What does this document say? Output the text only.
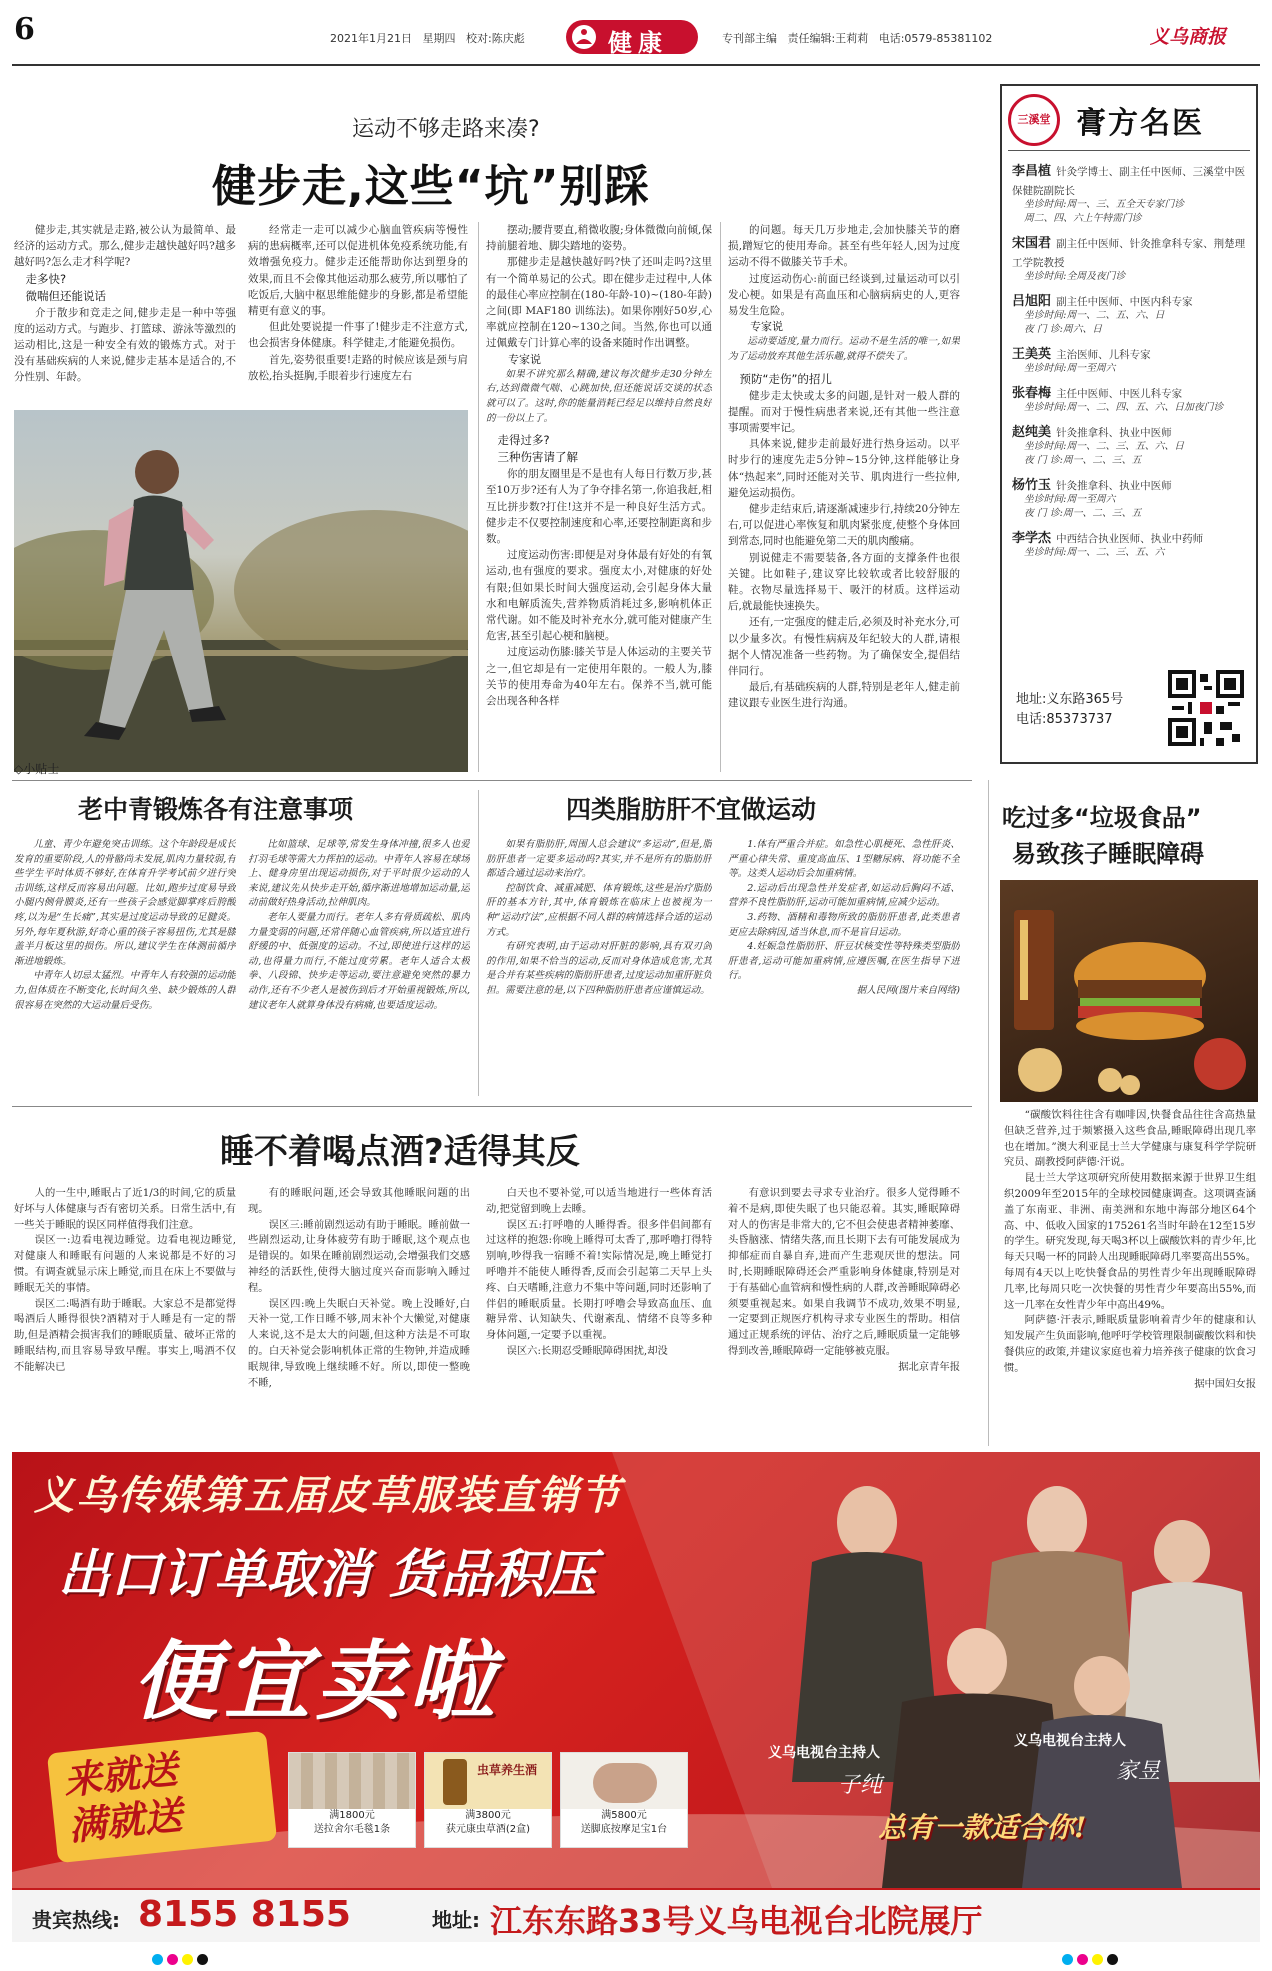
6	2021年1月21日 星期四 校对:陈庆彪	健康	专刊部主编 责任编辑:王莉莉 电话:0579-85381102	义乌商报
运动不够走路来凑?
健步走,这些“坑”别踩

健步走,其实就是走路,被公认为最简单、最经济的运动方式。那么,健步走越快越好吗?越多越好吗?怎么走才科学呢?

走多快?
微喘但还能说话

介于散步和竞走之间,健步走是一种中等强度的运动方式。与跑步、打篮球、游泳等激烈的运动相比,这是一种安全有效的锻炼方式。对于没有基础疾病的人来说,健步走基本是适合的,不分性别、年龄。

经常走一走可以减少心脑血管疾病等慢性病的患病概率,还可以促进机体免疫系统功能,有效增强免疫力。健步走还能帮助你达到塑身的效果,而且不会像其他运动那么疲劳,所以哪怕了吃饭后,大脑中枢思维能健步的身影,都是希望能精更有意义的事。

但此处要说提一件事了!健步走不注意方式,也会损害身体健康。科学健走,才能避免损伤。

首先,姿势很重要!走路的时候应该是颈与肩放松,抬头挺胸,手眼着步行速度左右

摆动;腰背要直,稍微收腹;身体微微向前倾,保持前腿着地、脚尖踏地的姿势。

那健步走是越快越好吗?快了还叫走吗?这里有一个简单易记的公式。即在健步走过程中,人体的最佳心率应控制在(180-年龄-10)~(180-年龄)之间(即 MAF180 训练法)。如果你刚好50岁,心率就应控制在120~130之间。当然,你也可以通过佩戴专门计算心率的设备来随时作出调整。

专家说

如果不讲究那么精确,建议每次健步走30分钟左右,达到微微气喘、心跳加快,但还能说话交谈的状态就可以了。这时,你的能量消耗已经足以维持自然良好的一份以上了。

走得过多?
三种伤害请了解

你的朋友圈里是不是也有人每日行数万步,甚至10万步?还有人为了争夺排名第一,你追我赶,相互比拼步数?打住!这并不是一种良好生活方式。健步走不仅要控制速度和心率,还要控制距离和步数。

过度运动伤害:即便是对身体最有好处的有氧运动,也有强度的要求。强度太小,对健康的好处有限;但如果长时间大强度运动,会引起身体大量水和电解质流失,营养物质消耗过多,影响机体正常代谢。如不能及时补充水分,就可能对健康产生危害,甚至引起心梗和脑梗。

过度运动伤膝:膝关节是人体运动的主要关节之一,但它却是有一定使用年限的。一般人为,膝关节的使用寿命为40年左右。保养不当,就可能会出现各种各样

的问题。每天几万步地走,会加快膝关节的磨损,蹭短它的使用寿命。甚至有些年轻人,因为过度运动不得不做膝关节手术。

过度运动伤心:前面已经谈到,过量运动可以引发心梗。如果是有高血压和心脑病病史的人,更容易发生危险。

专家说

运动要适度,量力而行。运动不是生活的唯一,如果为了运动放弃其他生活乐趣,就得不偿失了。

预防“走伤”的招儿

健步走太快或太多的问题,是针对一般人群的提醒。而对于慢性病患者来说,还有其他一些注意事项需要牢记。

具体来说,健步走前最好进行热身运动。以平时步行的速度先走5分钟~15分钟,这样能够让身体“热起来”,同时还能对关节、肌肉进行一些拉伸,避免运动损伤。

健步走结束后,请逐渐减速步行,持续20分钟左右,可以促进心率恢复和肌肉紧张度,使整个身体回到常态,同时也能避免第二天的肌肉酸痛。

别说健走不需要装备,各方面的支撑条件也很关键。比如鞋子,建议穿比较软或者比较舒服的鞋。衣物尽量选择易干、吸汗的材质。这样运动后,就最能快速换失。

还有,一定强度的健走后,必须及时补充水分,可以少量多次。有慢性病病及年纪较大的人群,请根据个人情况准备一些药物。为了确保安全,提倡结伴同行。

最后,有基础疾病的人群,特别是老年人,健走前建议跟专业医生进行沟通。

三溪堂 膏方名医
李昌植 针灸学博士、副主任中医师、三溪堂中医保健院副院长
坐诊时间:周一、三、五全天专家门诊
周二、四、六上午特需门诊
宋国君 副主任中医师、针灸推拿科专家、荆楚理工学院教授
坐诊时间:全周及夜门诊
吕旭阳 副主任中医师、中医内科专家
坐诊时间:周一、二、五、六、日
夜 门 诊:周六、日
王美英 主治医师、儿科专家
坐诊时间:周一至周六
张春梅 主任中医师、中医儿科专家
坐诊时间:周一、二、四、五、六、日加夜门诊
赵纯美 针灸推拿科、执业中医师
坐诊时间:周一、二、三、五、六、日
夜 门 诊:周一、二、三、五
杨竹玉 针灸推拿科、执业中医师
坐诊时间:周一至周六
夜 门 诊:周一、二、三、五
李学杰 中西结合执业医师、执业中药师
坐诊时间:周一、二、三、五、六
地址:义东路365号
电话:85373737
吃过多“垃圾食品”
易致孩子睡眠障碍

“碳酸饮料往往含有咖啡因,快餐食品往往含高热量但缺乏营养,过于频繁摄入这些食品,睡眠障碍出现几率也在增加。”澳大利亚昆士兰大学健康与康复科学学院研究员、副教授阿萨德·汗说。

昆士兰大学这项研究所使用数据来源于世界卫生组织2009年至2015年的全球校园健康调查。这项调查涵盖了东南亚、非洲、南美洲和东地中海部分地区64个高、中、低收入国家的175261名当时年龄在12至15岁的学生。研究发现,每天喝3杯以上碳酸饮料的青少年,比每天只喝一杯的同龄人出现睡眠障碍几率要高出55%。每周有4天以上吃快餐食品的男性青少年出现睡眠障碍几率,比每周只吃一次快餐的男性青少年要高出55%,而这一几率在女性青少年中高出49%。

阿萨德·汗表示,睡眠质量影响着青少年的健康和认知发展产生负面影响,他呼吁学校管理限制碳酸饮料和快餐供应的政策,并建议家庭也着力培养孩子健康的饮食习惯。

据中国妇女报
◇小贴士
老中青锻炼各有注意事项

儿童、青少年避免突击训练。这个年龄段是成长发育的重要阶段,人的骨骼尚未发展,肌肉力量较弱,有些学生平时体质不够好,在体育升学考试前夕进行突击训练,这样反而容易出问题。比如,跑步过度易导致小腿内侧骨膜炎,还有一些孩子会感觉脚掌疼后胯酸疼,以为是“生长痛”,其实是过度运动导致的足腱炎。另外,每年夏秋游,好奇心重的孩子容易扭伤,尤其是膝盖半月板这里的损伤。所以,建议学生在体测前循序渐进地锻炼。

中青年人切忌太猛烈。中青年人有较强的运动能力,但体质在不断变化,长时间久坐、缺少锻炼的人群很容易在突然的大运动量后受伤。

比如篮球、足球等,常发生身体冲撞,很多人也爱打羽毛球等需大力挥拍的运动。中青年人容易在球场上、健身房里出现运动损伤,对于平时很少运动的人来说,建议先从快步走开始,循序渐进地增加运动量,运动前做好热身活动,拉伸肌肉。

老年人要量力而行。老年人多有骨质疏松、肌肉力量变弱的问题,还常伴随心血管疾病,所以适宜进行舒缓的中、低强度的运动。不过,即使进行这样的运动,也得量力而行,不能过度劳累。老年人适合太极拳、八段锦、快步走等运动,要注意避免突然的暴力动作,还有不少老人是被伤到后才开始重视锻炼,所以,建议老年人就算身体没有病痛,也要适度运动。

四类脂肪肝不宜做运动

如果有脂肪肝,周围人总会建议“多运动”,但是,脂肪肝患者一定要多运动吗?其实,并不是所有的脂肪肝都适合通过运动来治疗。

控制饮食、减重减肥、体育锻炼,这些是治疗脂肪肝的基本方针,其中,体育锻炼在临床上也被视为一种“运动疗法”,应根据不同人群的病情选择合适的运动方式。

有研究表明,由于运动对肝脏的影响,具有双刃剑的作用,如果不恰当的运动,反而对身体造成危害,尤其是合并有某些疾病的脂肪肝患者,过度运动加重肝脏负担。需要注意的是,以下四种脂肪肝患者应谨慎运动。

1.体有严重合并症。如急性心肌梗死、急性肝炎、严重心律失常、重度高血压、1型糖尿病、肾功能不全等。这类人运动后会加重病情。

2.运动后出现急性并发症者,如运动后胸闷不适、营养不良性脂肪肝,运动可能加重病情,应减少运动。

3.药物、酒精和毒物所致的脂肪肝患者,此类患者更应去除病因,适当休息,而不是盲目运动。

4.妊娠急性脂肪肝、肝豆状核变性等特殊类型脂肪肝患者,运动可能加重病情,应遵医嘱,在医生指导下进行。

据人民网(图片来自网络)
睡不着喝点酒?适得其反

人的一生中,睡眠占了近1/3的时间,它的质量好坏与人体健康与否有密切关系。日常生活中,有一些关于睡眠的误区同样值得我们注意。

误区一:边看电视边睡觉。边看电视边睡觉,对健康人和睡眠有问题的人来说都是不好的习惯。有调查就显示床上睡觉,而且在床上不要做与睡眠无关的事情。

误区二:喝酒有助于睡眠。大家总不是都觉得喝酒后人睡得很快?酒精对于人睡是有一定的帮助,但是酒精会损害我们的睡眠质量、破坏正常的睡眠结构,而且容易导致早醒。事实上,喝酒不仅不能解决已

有的睡眠问题,还会导致其他睡眠问题的出现。

误区三:睡前剧烈运动有助于睡眠。睡前做一些剧烈运动,让身体疲劳有助于睡眠,这个观点也是错误的。如果在睡前剧烈运动,会增强我们交感神经的活跃性,使得大脑过度兴奋而影响入睡过程。

误区四:晚上失眠白天补觉。晚上没睡好,白天补一觉,工作日睡不够,周末补个大懒觉,对健康人来说,这不是太大的问题,但这种方法是不可取的。白天补觉会影响机体正常的生物钟,并造成睡眠规律,导致晚上继续睡不好。所以,即使一整晚不睡,

白天也不要补觉,可以适当地进行一些体育活动,把觉留到晚上去睡。

误区五:打呼噜的人睡得香。很多伴侣间都有过这样的抱怨:你晚上睡得可太香了,那呼噜打得特别响,吵得我一宿睡不着!实际情况是,晚上睡觉打呼噜并不能使人睡得香,反而会引起第二天早上头疼、白天嗜睡,注意力不集中等问题,同时还影响了伴侣的睡眠质量。长期打呼噜会导致高血压、血糖异常、认知缺失、代谢紊乱、情绪不良等多种身体问题,一定要予以重视。

误区六:长期忍受睡眠障碍困扰,却没

有意识到要去寻求专业治疗。很多人觉得睡不着不是病,即使失眠了也只能忍着。其实,睡眠障碍对人的伤害是非常大的,它不但会使患者精神萎靡、头昏脑涨、情绪失落,而且长期下去有可能发展成为抑郁症而自暴自弃,进而产生悲观厌世的想法。同时,长期睡眠障碍还会严重影响身体健康,特别是对于有基础心血管病和慢性病的人群,改善睡眠障碍必须要重视起来。如果自我调节不成功,效果不明显,一定要到正规医疗机构寻求专业医生的帮助。相信通过正规系统的评估、治疗之后,睡眠质量一定能够得到改善,睡眠障碍一定能够被克服。

据北京青年报
义乌传媒第五届皮草服装直销节
出口订单取消 货品积压
便宜卖啦
来就送
满就送	满1800元
送拉舍尔毛毯1条
虫草养生酒
满3800元
获元康虫草酒(2盒)
满5800元
送脚底按摩足宝1台
义乌电视台主持人
子纯
义乌电视台主持人
家昱
总有一款适合你!
贵宾热线: 8155 8155	地址: 江东东路33号义乌电视台北院展厅
